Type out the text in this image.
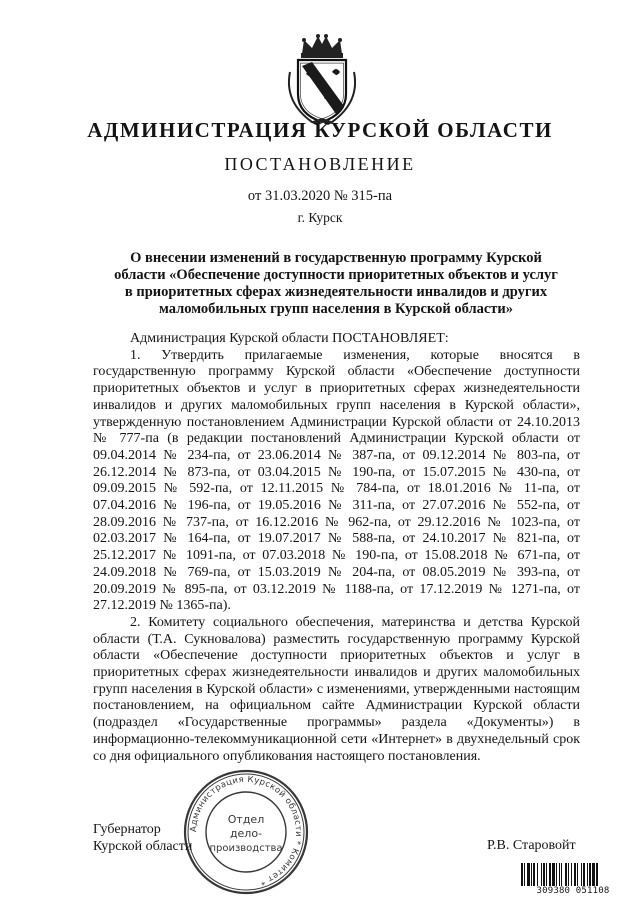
АДМИНИСТРАЦИЯ КУРСКОЙ ОБЛАСТИ
ПОСТАНОВЛЕНИЕ
от 31.03.2020 № 315-па
г. Курск
О внесении изменений в государственную программу Курской
области «Обеспечение доступности приоритетных объектов и услуг
в приоритетных сферах жизнедеятельности инвалидов и других
маломобильных групп населения в Курской области»

Администрация Курской области ПОСТАНОВЛЯЕТ:

1. Утвердить прилагаемые изменения, которые вносятся в государственную программу Курской области «Обеспечение доступности приоритетных объектов и услуг в приоритетных сферах жизнедеятельности инвалидов и других маломобильных групп населения в Курской области», утвержденную постановлением Администрации Курской области от 24.10.2013 № 777-па (в редакции постановлений Администрации Курской области от 09.04.2014 № 234-па, от 23.06.2014 № 387-па, от 09.12.2014 № 803-па, от 26.12.2014 № 873-па, от 03.04.2015 № 190-па, от 15.07.2015 № 430-па, от 09.09.2015 № 592-па, от 12.11.2015 № 784-па, от 18.01.2016 № 11-па, от 07.04.2016 № 196-па, от 19.05.2016 № 311-па, от 27.07.2016 № 552-па, от 28.09.2016 № 737-па, от 16.12.2016 № 962-па, от 29.12.2016 № 1023-па, от 02.03.2017 № 164-па, от 19.07.2017 № 588-па, от 24.10.2017 № 821-па, от 25.12.2017 № 1091-па, от 07.03.2018 № 190-па, от 15.08.2018 № 671-па, от 24.09.2018 № 769-па, от 15.03.2019 № 204-па, от 08.05.2019 № 393-па, от 20.09.2019 № 895-па, от 03.12.2019 № 1188-па, от 17.12.2019 № 1271-па, от 27.12.2019 № 1365-па).

2. Комитету социального обеспечения, материнства и детства Курской области (Т.А. Сукновалова) разместить государственную программу Курской области «Обеспечение доступности приоритетных объектов и услуг в приоритетных сферах жизнедеятельности инвалидов и других маломобильных групп населения в Курской области» с изменениями, утвержденными настоящим постановлением, на официальном сайте Администрации Курской области (подраздел «Государственные программы» раздела «Документы») в информационно-телекоммуникационной сети «Интернет» в двухнедельный срок со дня официального опубликования настоящего постановления.

Губернатор
Курской области	Р.В. Старовойт
Администрация Курской области * Комитет *
Отдел
дело-
производства
309380 051108
